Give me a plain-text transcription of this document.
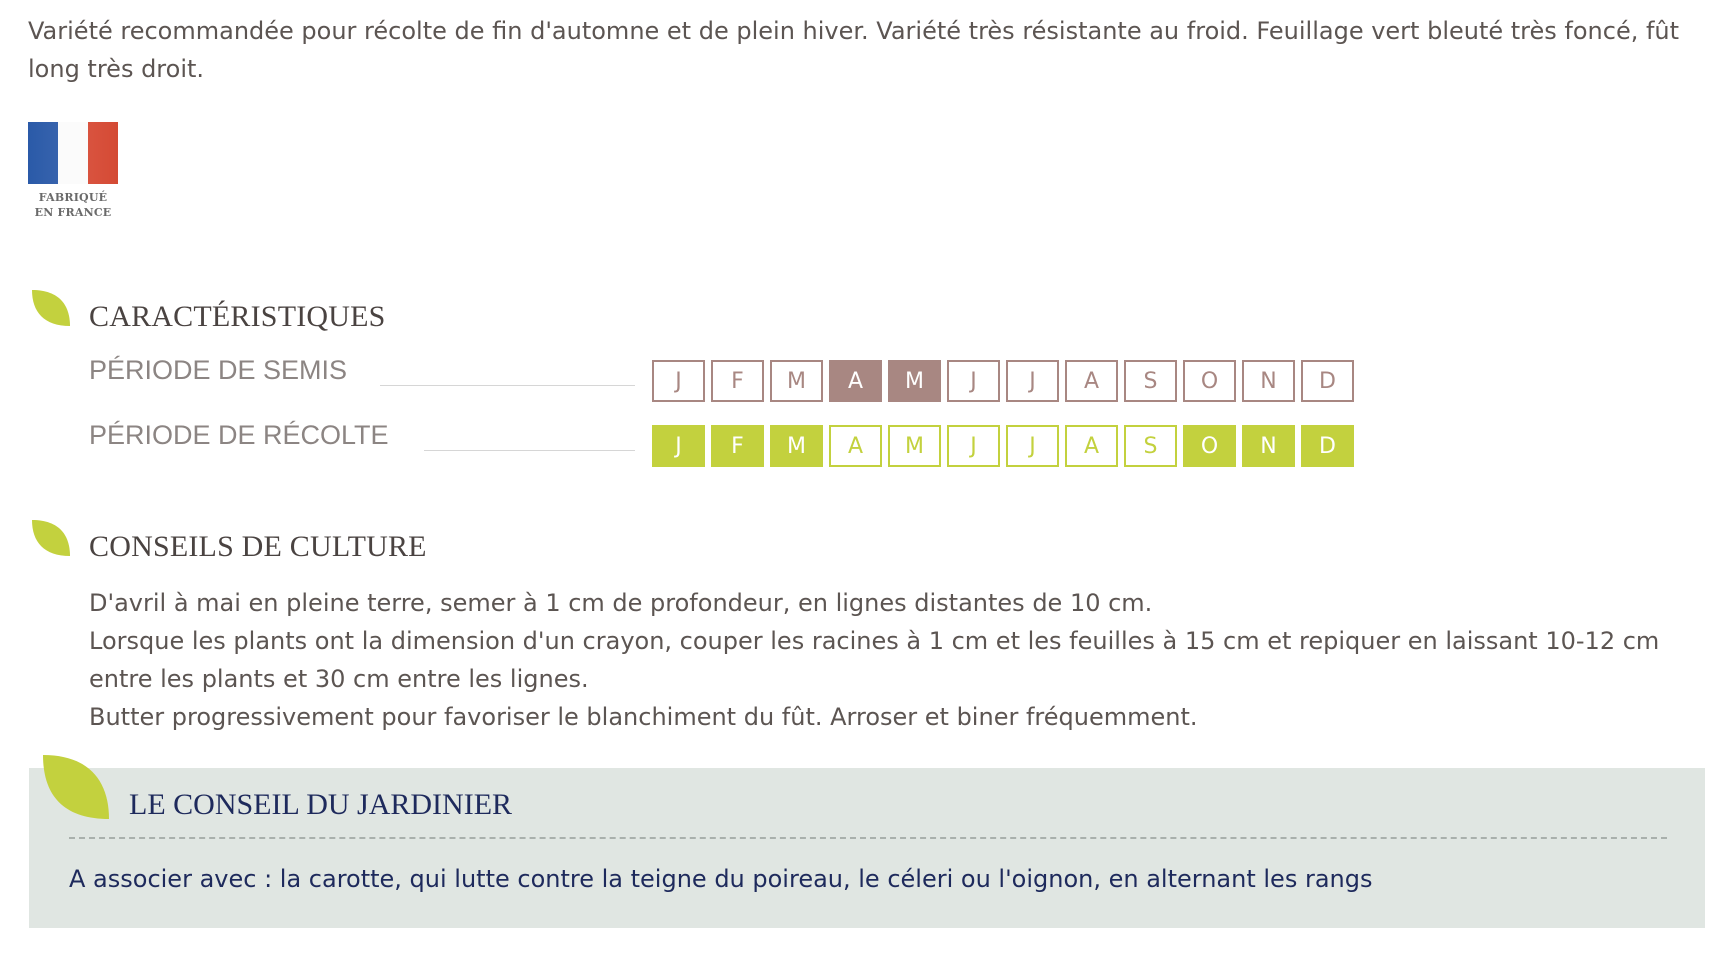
Variété recommandée pour récolte de fin d'automne et de plein hiver. Variété très résistante au froid. Feuillage vert bleuté très foncé, fût long très droit.

FABRIQUÉ
EN FRANCE
CARACTÉRISTIQUES
PÉRIODE DE SEMIS	J	F	M	A	M	J	J	A	S	O	N	D
PÉRIODE DE RÉCOLTE	J	F	M	A	M	J	J	A	S	O	N	D
CONSEILS DE CULTURE

D'avril à mai en pleine terre, semer à 1 cm de profondeur, en lignes distantes de 10 cm.

Lorsque les plants ont la dimension d'un crayon, couper les racines à 1 cm et les feuilles à 15 cm et repiquer en laissant 10-12 cm entre les plants et 30 cm entre les lignes.

Butter progressivement pour favoriser le blanchiment du fût. Arroser et biner fréquemment.

LE CONSEIL DU JARDINIER

A associer avec : la carotte, qui lutte contre la teigne du poireau, le céleri ou l'oignon, en alternant les rangs
